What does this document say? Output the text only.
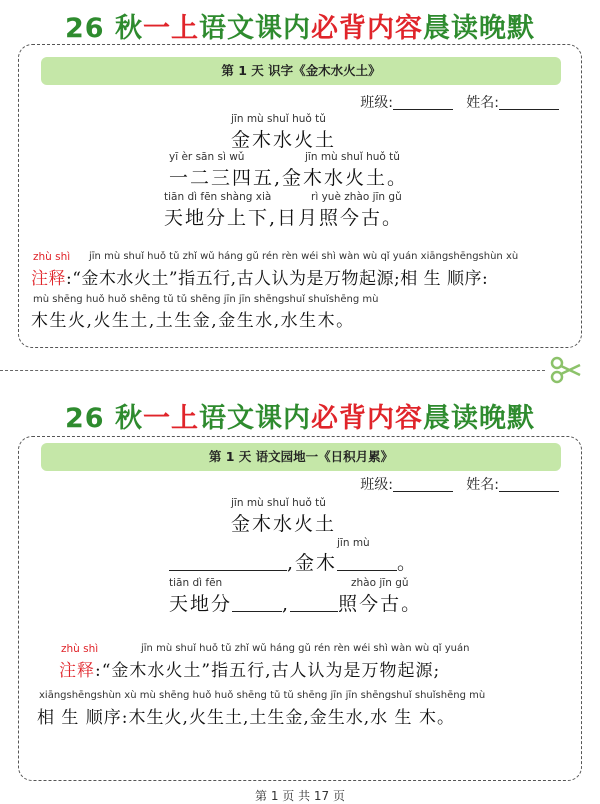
26 秋一上语文课内必背内容晨读晚默
第 1 天 识字《金木水火土》
班级:	姓名:
jīn mù shuǐ huǒ tǔ
金木水火土
yī èr sān sì wǔ	jīn mù shuǐ huǒ tǔ
一二三四五,金木水火土。
tiān dì fēn shàng xià	rì yuè zhào jīn gǔ
天地分上下,日月照今古。
zhù shì jīn mù shuǐ huǒ tǔ zhǐ wǔ háng gǔ rén rèn wéi shì wàn wù qǐ yuán xiāngshēngshùn xù
注释:“金木水火土”指五行,古人认为是万物起源;相 生 顺序:
mù shēng huǒ huǒ shēng tǔ tǔ shēng jīn jīn shēngshuǐ shuǐshēng mù
木生火,火生土,土生金,金生水,水生木。
26 秋一上语文课内必背内容晨读晚默
第 1 天 语文园地一《日积月累》
班级:	姓名:
jīn mù shuǐ huǒ tǔ
金木水火土
jīn mù
,金木	。
tiān dì fēn	zhào jīn gǔ
天地分	,	照今古。
zhù shì	jīn mù shuǐ huǒ tǔ zhǐ wǔ háng gǔ rén rèn wéi shì wàn wù qǐ yuán
注释:“金木水火土”指五行,古人认为是万物起源;
xiāngshēngshùn xù mù shēng huǒ huǒ shēng tǔ tǔ shēng jīn jīn shēngshuǐ shuǐshēng mù
相 生 顺序:木生火,火生土,土生金,金生水,水 生 木。
第 1 页 共 17 页
